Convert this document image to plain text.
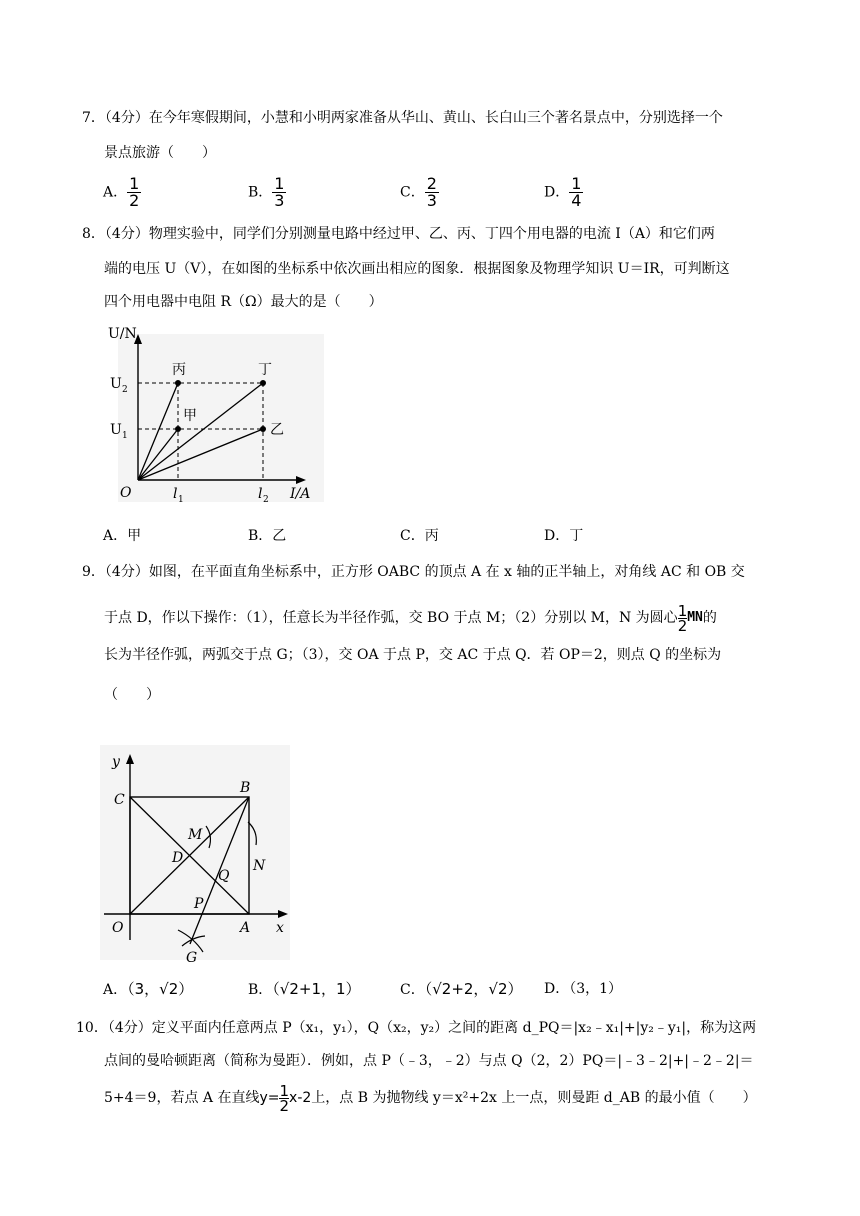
7．（4分）在今年寒假期间，小慧和小明两家准备从华山、黄山、长白山三个著名景点中，分别选择一个
景点旅游（　　）
A． $\frac{1}{2}$	B． $\frac{1}{3}$	C． $\frac{2}{3}$	D． $\frac{1}{4}$
8．（4分）物理实验中，同学们分别测量电路中经过甲、乙、丙、丁四个用电器的电流 I（A）和它们两
端的电压 U（V），在如图的坐标系中依次画出相应的图象．根据图象及物理学知识 U＝IR，可判断这
四个用电器中电阻 R（Ω）最大的是（　　）
U/N
I/A
O
U 2
U 1
l 1	l 2
丙	丁
甲
乙
A．甲	B．乙	C．丙	D．丁
9．（4分）如图，在平面直角坐标系中，正方形 OABC 的顶点 A 在 x 轴的正半轴上，对角线 AC 和 OB 交
于点 D，作以下操作：（1），任意长为半径作弧，交 BO 于点 M；（2）分别以 M，N 为圆心 1
2 MN 的
长为半径作弧，两弧交于点 G；（3），交 OA 于点 P，交 AC 于点 Q．若 OP＝2，则点 Q 的坐标为
（　　）
y
x
O	A
B
C
D
M
N
Q
P
G
A．（3，√2）	B．（√2+1，1）	C．（√2+2，√2） D．（3，1）
10．（4分）定义平面内任意两点 P（x₁，y₁），Q（x₂，y₂）之间的距离 d_PQ＝|x₂﹣x₁|+|y₂﹣y₁|，称为这两
点间的曼哈顿距离（简称为曼距）．例如，点 P（﹣3，﹣2）与点 Q（2，2）PQ＝|﹣3﹣2|+|﹣2﹣2|＝
5+4＝9，若点 A 在直线 $y= \frac{1}{2} x-2$ 上，点 B 为抛物线 y＝x²+2x 上一点，则曼距 d_AB 的最小值（　　）
